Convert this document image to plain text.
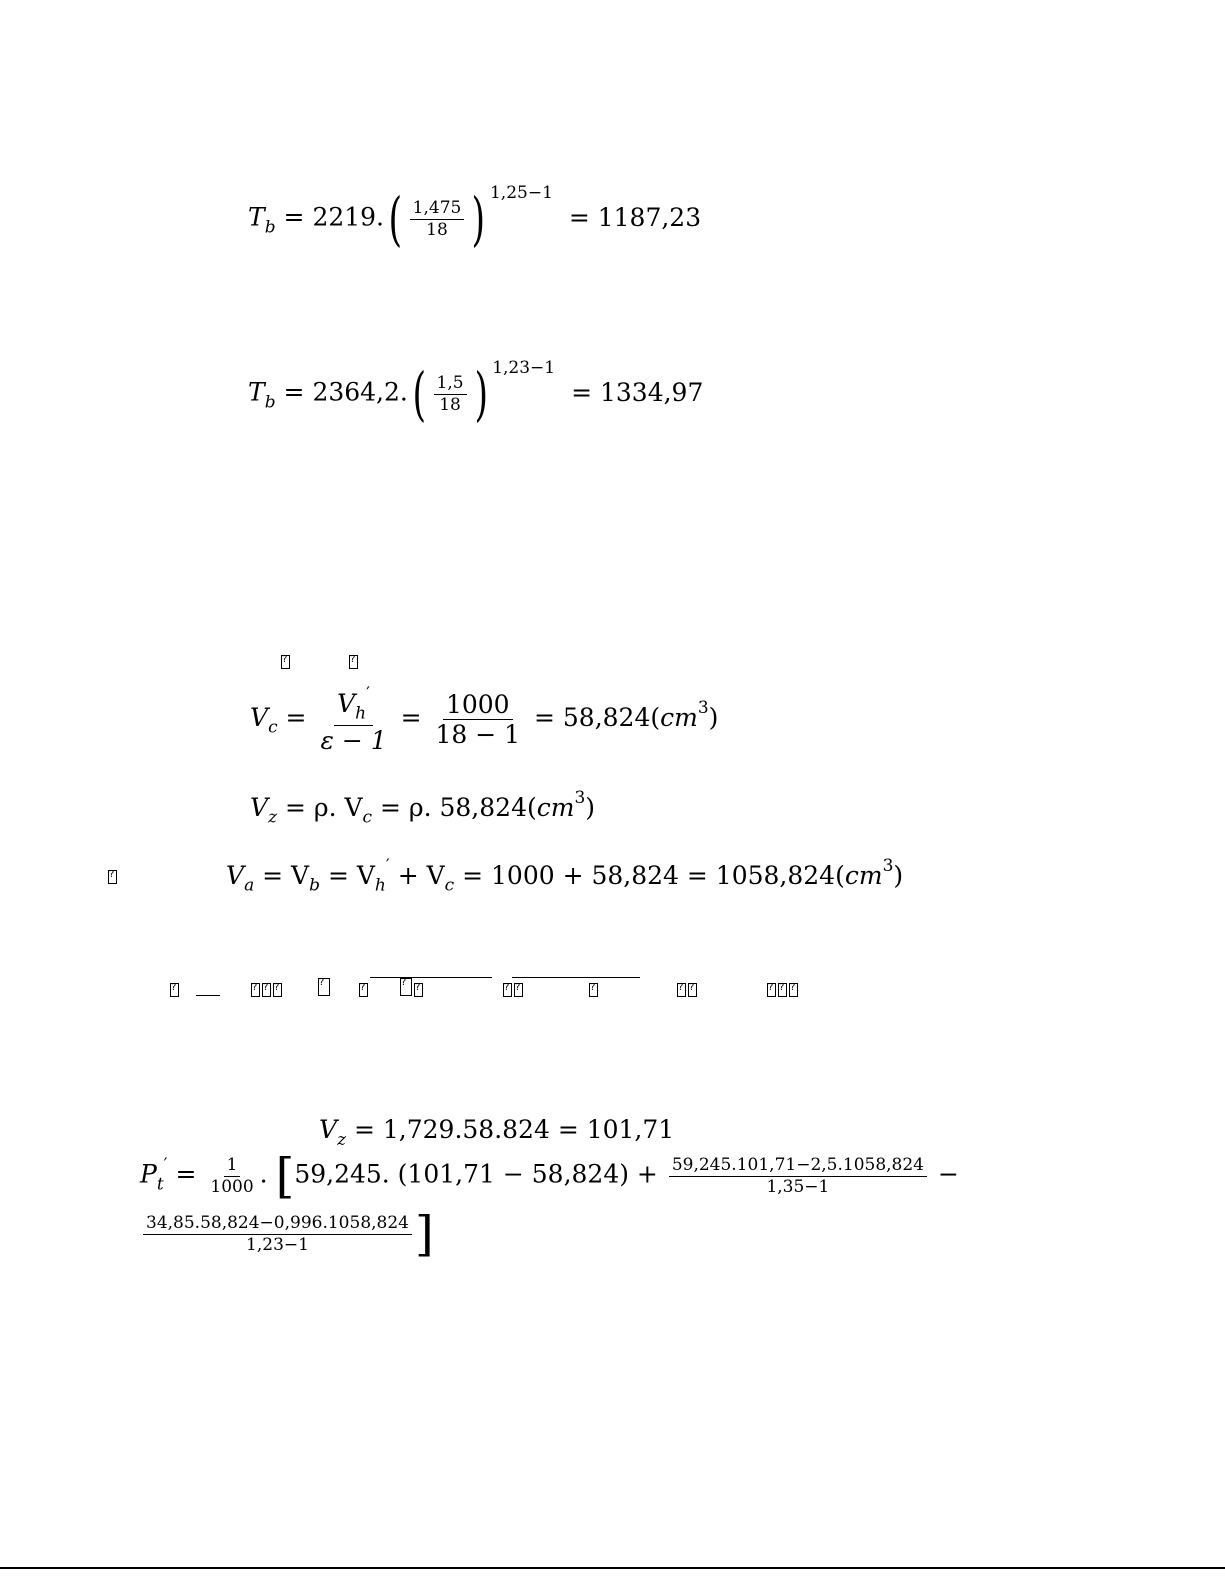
$T_b = 2219.( \frac{1,475}{18}$ ) $^{1,25-1}$ = 1187,23
$T_b = 2364,2.( \frac{1,5}{18}$ ) $^{1,23-1}$ = 1334,97
?
?
$V_c = \frac{V_h'}{\varepsilon - 1} = \frac{1000}{18 - 1} = 58,824(cm^3)$
$V_z = \rho$. $V_c = \rho$. $58,824(cm^3)$
?
$V_a = V_b = V_h' + V_c = 1000 + 58,824 = 1058,824(cm^3)$
?
?
?
?
?
?
?
?
?
?
?
?
?
?
?
?
$V_z = 1,729.58.824 = 101,71$
$P_t' = \frac{1}{1000}$ . [59,245. $(101,71 - 58,824) + \frac{59,245.101,71-2,5.1058,824}{1,35-1}$ −
$\frac{34,85.58,824-0,996.1058,824}{1,23-1}$ ]
